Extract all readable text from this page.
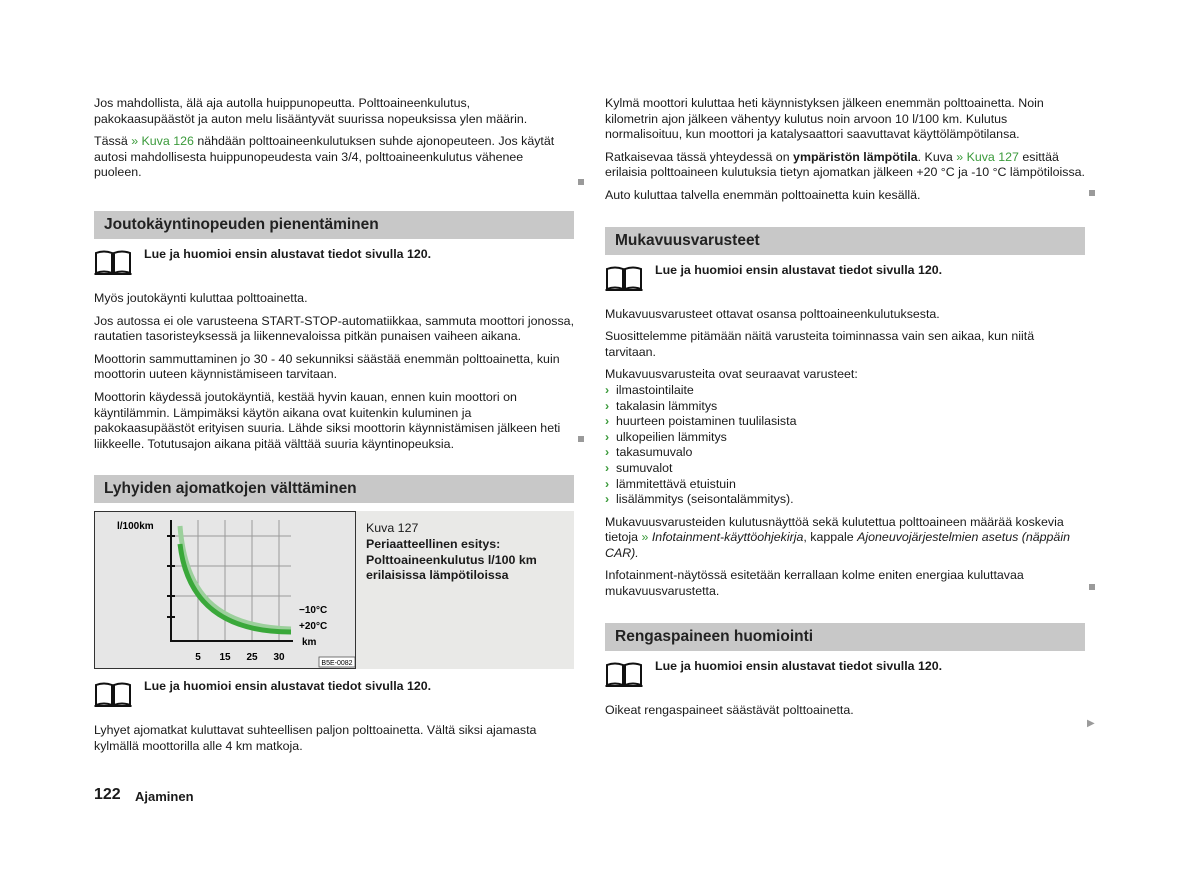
Jos mahdollista, älä aja autolla huippunopeutta. Polttoaineenkulutus, pakokaasupäästöt ja auton melu lisääntyvät suurissa nopeuksissa ylen määrin.

Tässä » Kuva 126 nähdään polttoaineenkulutuksen suhde ajonopeuteen. Jos käytät autosi mahdollisesta huippunopeudesta vain 3/4, polttoaineenkulutus vähenee puoleen.

Joutokäyntinopeuden pienentäminen
Lue ja huomioi ensin alustavat tiedot sivulla 120.

Myös joutokäynti kuluttaa polttoainetta.

Jos autossa ei ole varusteena START-STOP-automatiikkaa, sammuta moottori jonossa, rautatien tasoristeyksessä ja liikennevaloissa pitkän punaisen vaiheen aikana.

Moottorin sammuttaminen jo 30 - 40 sekunniksi säästää enemmän polttoainetta, kuin moottorin uuteen käynnistämiseen tarvitaan.

Moottorin käydessä joutokäyntiä, kestää hyvin kauan, ennen kuin moottori on käyntilämmin. Lämpimäksi käytön aikana ovat kuitenkin kuluminen ja pakokaasupäästöt erityisen suuria. Lähde siksi moottorin käynnistämisen jälkeen heti liikkeelle. Totutusajon aikana pitää välttää suuria käyntinopeuksia.

Lyhyiden ajomatkojen välttäminen
l/100km
−10°C
+20°C
km
5 15 25 30
B5E-0082
Kuva 127
Periaatteellinen esitys: Polttoaineenkulutus l/100 km erilaisissa lämpötiloissa
Lue ja huomioi ensin alustavat tiedot sivulla 120.

Lyhyet ajomatkat kuluttavat suhteellisen paljon polttoainetta. Vältä siksi ajamasta kylmällä moottorilla alle 4 km matkoja.

Kylmä moottori kuluttaa heti käynnistyksen jälkeen enemmän polttoainetta. Noin kilometrin ajon jälkeen vähentyy kulutus noin arvoon 10 l/100 km. Kulutus normalisoituu, kun moottori ja katalysaattori saavuttavat käyttölämpötilansa.

Ratkaisevaa tässä yhteydessä on ympäristön lämpötila. Kuva » Kuva 127 esittää erilaisia polttoaineen kulutuksia tietyn ajomatkan jälkeen +20 °C ja -10 °C lämpötiloissa.

Auto kuluttaa talvella enemmän polttoainetta kuin kesällä.

Mukavuusvarusteet
Lue ja huomioi ensin alustavat tiedot sivulla 120.

Mukavuusvarusteet ottavat osansa polttoaineenkulutuksesta.

Suosittelemme pitämään näitä varusteita toiminnassa vain sen aikaa, kun niitä tarvitaan.

Mukavuusvarusteita ovat seuraavat varusteet:

› ilmastointilaite
› takalasin lämmitys
› huurteen poistaminen tuulilasista
› ulkopeilien lämmitys
› takasumuvalo
› sumuvalot
› lämmitettävä etuistuin
› lisälämmitys (seisontalämmitys).

Mukavuusvarusteiden kulutusnäyttöä sekä kulutettua polttoaineen määrää koskevia tietoja » Infotainment-käyttöohjekirja, kappale Ajoneuvojärjestelmien asetus (näppäin CAR).

Infotainment-näytössä esitetään kerrallaan kolme eniten energiaa kuluttavaa mukavuusvarustetta.

Rengaspaineen huomiointi
Lue ja huomioi ensin alustavat tiedot sivulla 120.

Oikeat rengaspaineet säästävät polttoainetta.

▶
122 Ajaminen
